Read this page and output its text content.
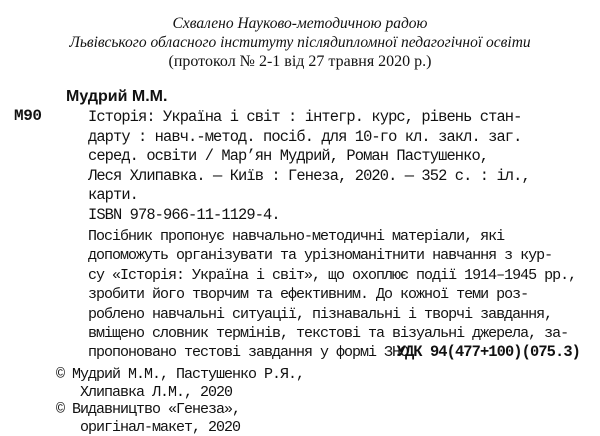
Схвалено Науково-методичною радою
Львівського обласного інституту післядипломної педагогічної освіти
(протокол № 2-1 від 27 травня 2020 р.)
Мудрий М.М.
М90	Історія: Україна і світ : інтегр. курс, рівень стан-
дарту : навч.-метод. посіб. для 10-го кл. закл. заг.
серед. освіти / Мар’ян Мудрий, Роман Пастушенко,
Леся Хлипавка. — Київ : Генеза, 2020. — 352 с. : іл.,
карти.
ISBN 978-966-11-1129-4.
Посібник пропонує навчально-методичні матеріали, які
допоможуть організувати та урізноманітнити навчання з кур-
су «Історія: Україна і світ», що охоплює події 1914–1945 рр.,
зробити його творчим та ефективним. До кожної теми роз-
роблено навчальні ситуації, пізнавальні і творчі завдання,
вміщено словник термінів, текстові та візуальні джерела, за-
пропоновано тестові завдання у формі ЗНО.
УДК 94(477+100)(075.3)
© Мудрий М.М., Пастушенко Р.Я.,
Хлипавка Л.М., 2020
© Видавництво «Генеза»,
оригінал-макет, 2020
